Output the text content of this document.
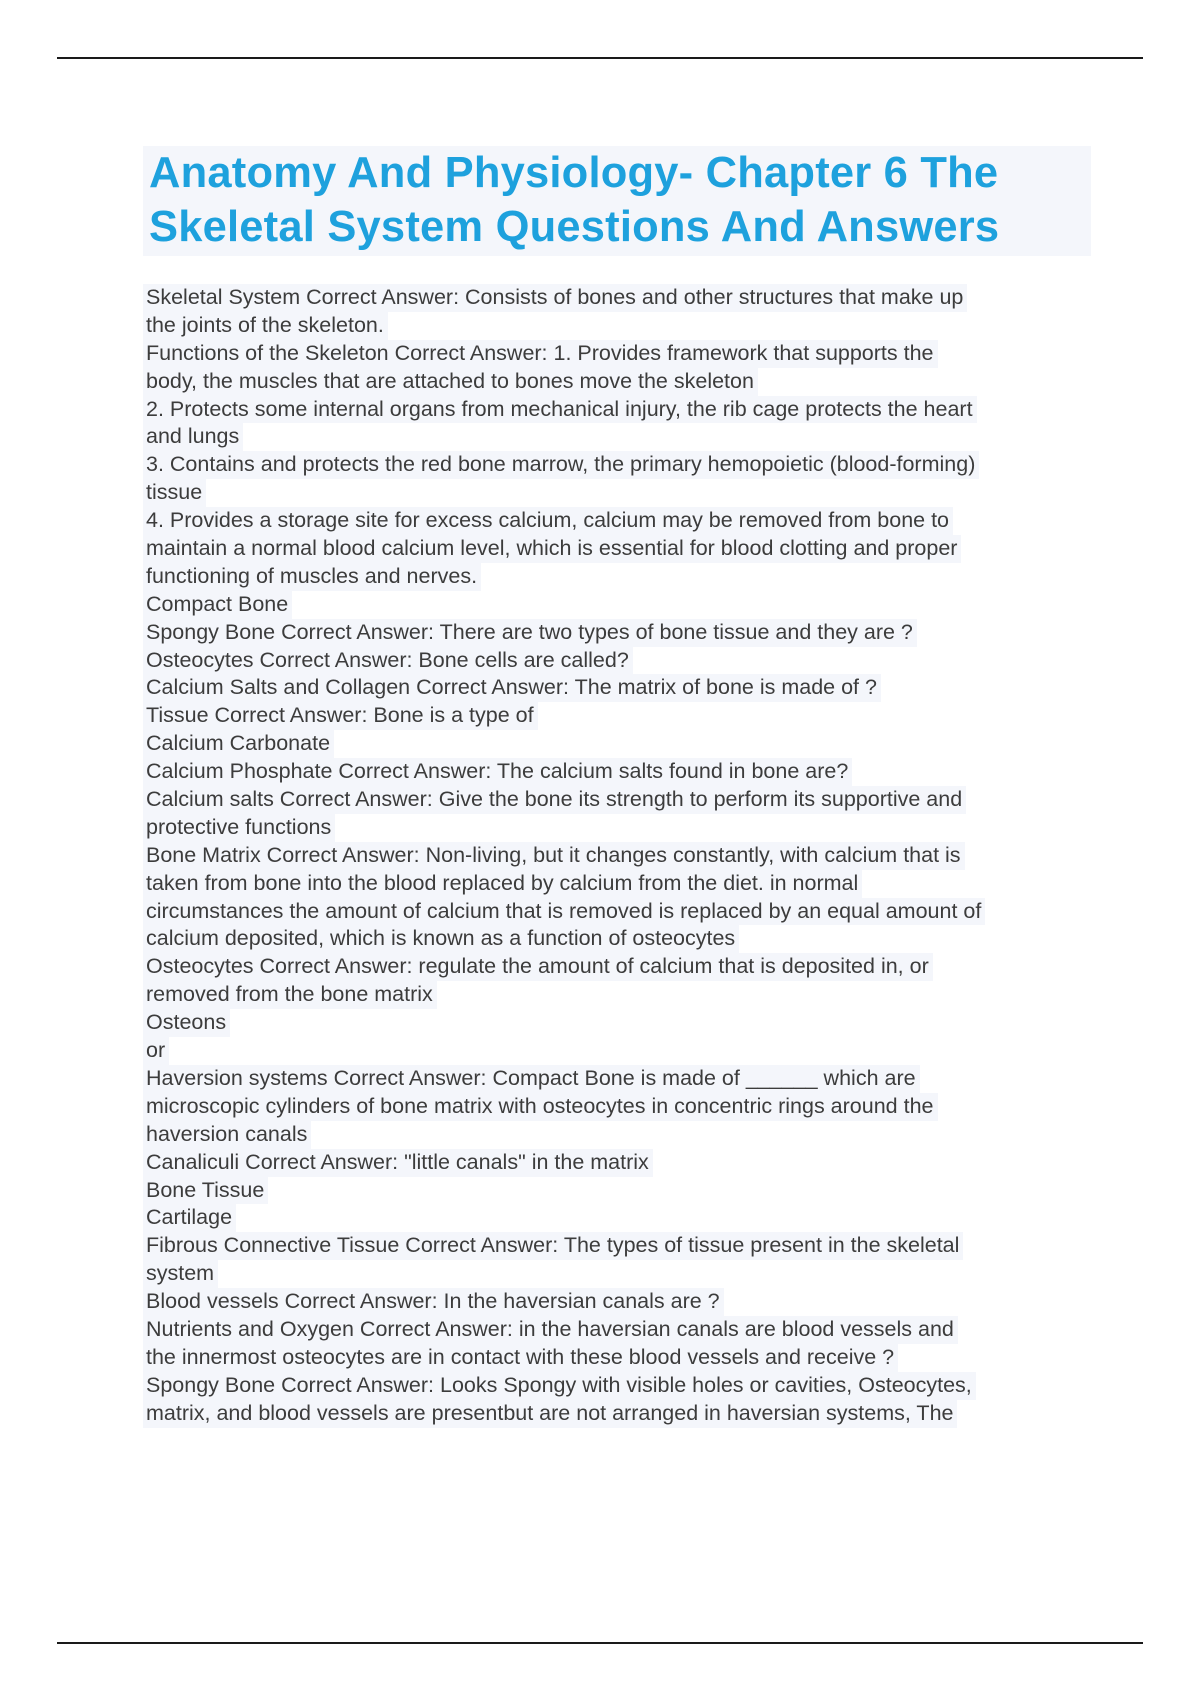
Anatomy And Physiology- Chapter 6 The
Skeletal System Questions And Answers
Skeletal System Correct Answer: Consists of bones and other structures that make up
the joints of the skeleton.
Functions of the Skeleton Correct Answer: 1. Provides framework that supports the
body, the muscles that are attached to bones move the skeleton
2. Protects some internal organs from mechanical injury, the rib cage protects the heart
and lungs
3. Contains and protects the red bone marrow, the primary hemopoietic (blood-forming)
tissue
4. Provides a storage site for excess calcium, calcium may be removed from bone to
maintain a normal blood calcium level, which is essential for blood clotting and proper
functioning of muscles and nerves.
Compact Bone
Spongy Bone Correct Answer: There are two types of bone tissue and they are ?
Osteocytes Correct Answer: Bone cells are called?
Calcium Salts and Collagen Correct Answer: The matrix of bone is made of ?
Tissue Correct Answer: Bone is a type of
Calcium Carbonate
Calcium Phosphate Correct Answer: The calcium salts found in bone are?
Calcium salts Correct Answer: Give the bone its strength to perform its supportive and
protective functions
Bone Matrix Correct Answer: Non-living, but it changes constantly, with calcium that is
taken from bone into the blood replaced by calcium from the diet. in normal
circumstances the amount of calcium that is removed is replaced by an equal amount of
calcium deposited, which is known as a function of osteocytes
Osteocytes Correct Answer: regulate the amount of calcium that is deposited in, or
removed from the bone matrix
Osteons
or
Haversion systems Correct Answer: Compact Bone is made of ______ which are
microscopic cylinders of bone matrix with osteocytes in concentric rings around the
haversion canals
Canaliculi Correct Answer: "little canals" in the matrix
Bone Tissue
Cartilage
Fibrous Connective Tissue Correct Answer: The types of tissue present in the skeletal
system
Blood vessels Correct Answer: In the haversian canals are ?
Nutrients and Oxygen Correct Answer: in the haversian canals are blood vessels and
the innermost osteocytes are in contact with these blood vessels and receive ?
Spongy Bone Correct Answer: Looks Spongy with visible holes or cavities, Osteocytes,
matrix, and blood vessels are presentbut are not arranged in haversian systems, The
